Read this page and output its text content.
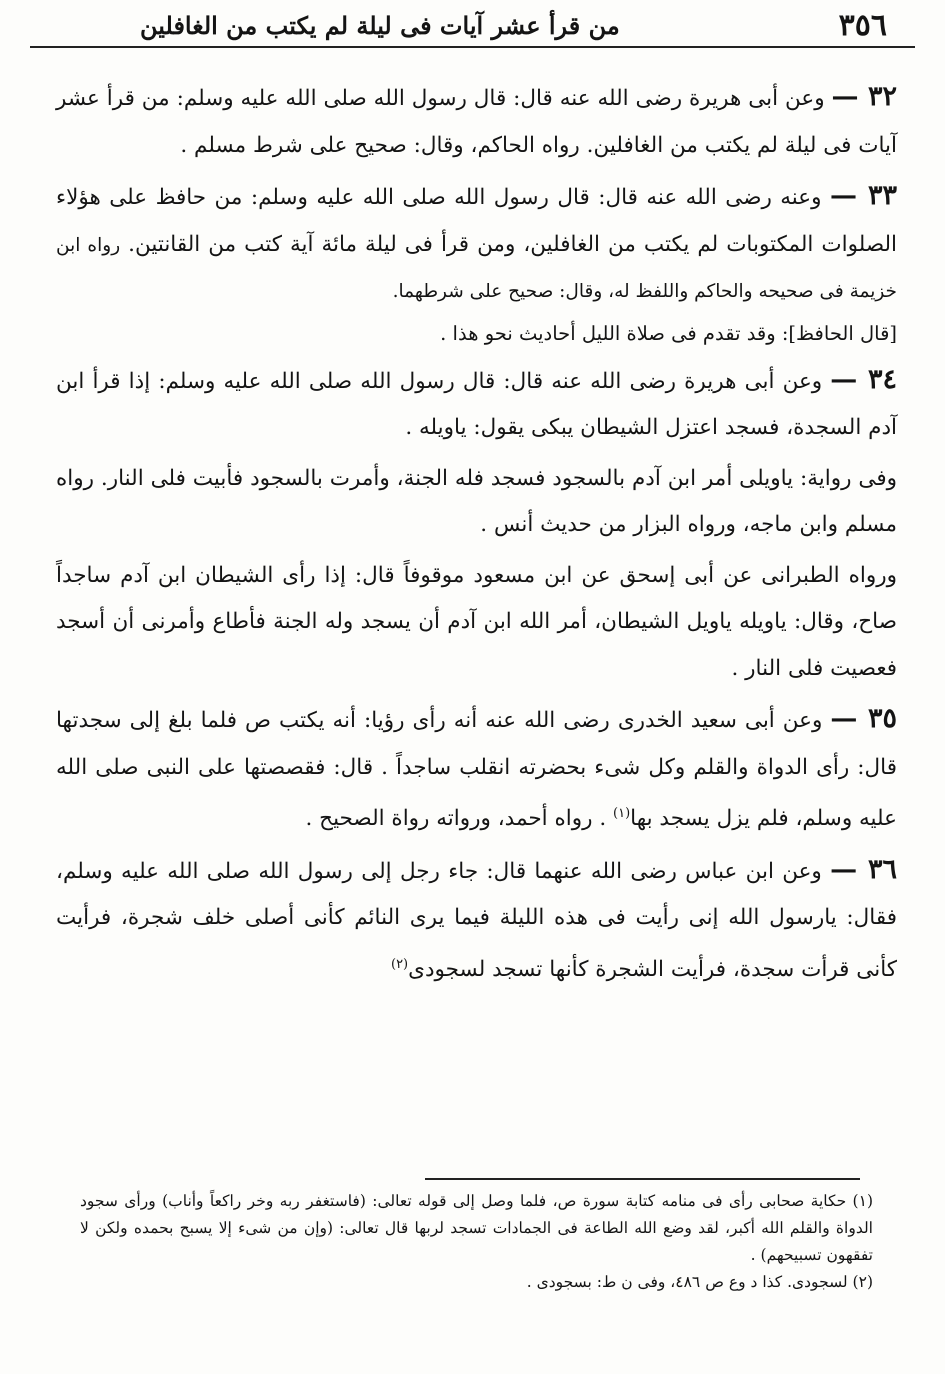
٣٥٦
من قرأ عشر آيات فى ليلة لم يكتب من الغافلين

٣٢ — وعن أبى هريرة رضى الله عنه قال: قال رسول الله صلى الله عليه وسلم: من قرأ عشر آيات فى ليلة لم يكتب من الغافلين. رواه الحاكم، وقال: صحيح على شرط مسلم .

٣٣ — وعنه رضى الله عنه قال: قال رسول الله صلى الله عليه وسلم: من حافظ على هؤلاء الصلوات المكتوبات لم يكتب من الغافلين، ومن قرأ فى ليلة مائة آية كتب من القانتين. رواه ابن خزيمة فى صحيحه والحاكم واللفظ له، وقال: صحيح على شرطهما.

[قال الحافظ]: وقد تقدم فى صلاة الليل أحاديث نحو هذا .

٣٤ — وعن أبى هريرة رضى الله عنه قال: قال رسول الله صلى الله عليه وسلم: إذا قرأ ابن آدم السجدة، فسجد اعتزل الشيطان يبكى يقول: ياويله .

وفى رواية: ياويلى أمر ابن آدم بالسجود فسجد فله الجنة، وأمرت بالسجود فأبيت فلى النار. رواه مسلم وابن ماجه، ورواه البزار من حديث أنس .

ورواه الطبرانى عن أبى إسحق عن ابن مسعود موقوفاً قال: إذا رأى الشيطان ابن آدم ساجداً صاح، وقال: ياويله ياويل الشيطان، أمر الله ابن آدم أن يسجد وله الجنة فأطاع وأمرنى أن أسجد فعصيت فلى النار .

٣٥ — وعن أبى سعيد الخدرى رضى الله عنه أنه رأى رؤيا: أنه يكتب ص فلما بلغ إلى سجدتها قال: رأى الدواة والقلم وكل شىء بحضرته انقلب ساجداً . قال: فقصصتها على النبى صلى الله عليه وسلم، فلم يزل يسجد بها$^{(١)}$ . رواه أحمد، ورواته رواة الصحيح .

٣٦ — وعن ابن عباس رضى الله عنهما قال: جاء رجل إلى رسول الله صلى الله عليه وسلم، فقال: يارسول الله إنى رأيت فى هذه الليلة فيما يرى النائم كأنى أصلى خلف شجرة، فرأيت كأنى قرأت سجدة، فرأيت الشجرة كأنها تسجد لسجودى$^{(٢)}$

(١) حكاية صحابى رأى فى منامه كتابة سورة ص، فلما وصل إلى قوله تعالى: (فاستغفر ربه وخر راكعاً وأناب) ورأى سجود الدواة والقلم الله أكبر، لقد وضع الله الطاعة فى الجمادات تسجد لربها قال تعالى: (وإن من شىء إلا يسبح بحمده ولكن لا تفقهون تسبيحهم) .

(٢) لسجودى. كذا د وع ص ٤٨٦، وفى ن ط: بسجودى .
